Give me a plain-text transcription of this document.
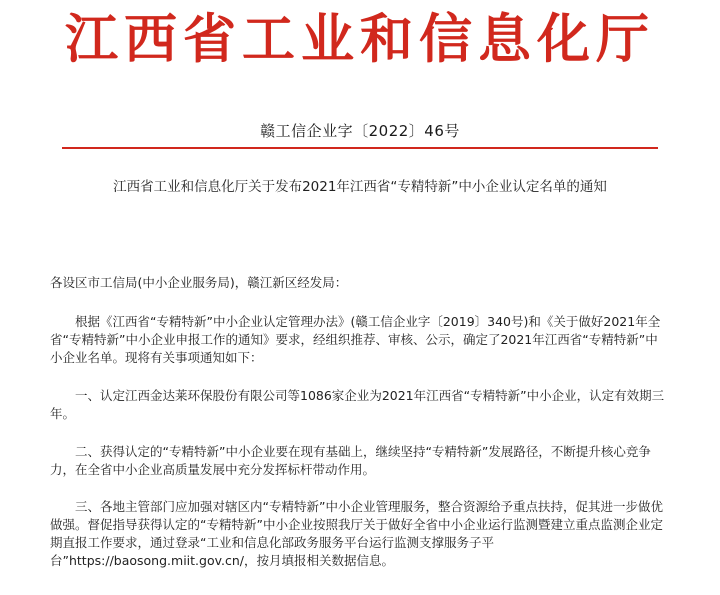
江西省工业和信息化厅
赣工信企业字〔2022〕46号
江西省工业和信息化厅关于发布2021年江西省“专精特新”中小企业认定名单的通知
各设区市工信局(中小企业服务局)，赣江新区经发局：
根据《江西省“专精特新”中小企业认定管理办法》(赣工信企业字〔2019〕340号)和《关于做好2021年全省“专精特新”中小企业申报工作的通知》要求，经组织推荐、审核、公示，确定了2021年江西省“专精特新”中小企业名单。现将有关事项通知如下：
一、认定江西金达莱环保股份有限公司等1086家企业为2021年江西省“专精特新”中小企业，认定有效期三年。
二、获得认定的“专精特新”中小企业要在现有基础上，继续坚持“专精特新”发展路径，不断提升核心竞争力，在全省中小企业高质量发展中充分发挥标杆带动作用。
三、各地主管部门应加强对辖区内“专精特新”中小企业管理服务，整合资源给予重点扶持，促其进一步做优做强。督促指导获得认定的“专精特新”中小企业按照我厅关于做好全省中小企业运行监测暨建立重点监测企业定期直报工作要求，通过登录“工业和信息化部政务服务平台运行监测支撑服务子平台”https://baosong.miit.gov.cn/，按月填报相关数据信息。
